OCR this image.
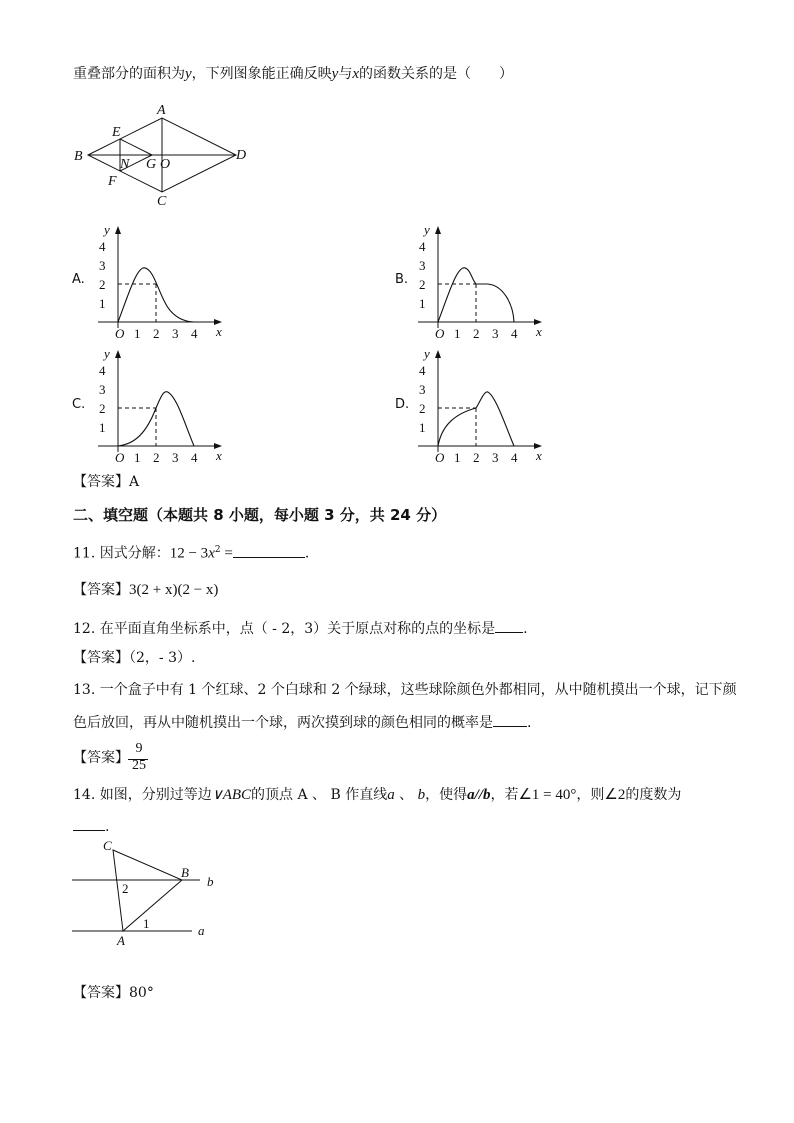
重叠部分的面积为y，下列图象能正确反映y与x的函数关系的是（　　）
A
B
C
D
E
F
N G O
A.	B.
C.	D.
1
2
3
4
1 2 3 4
O	x
y
1
2
3
4
1 2 3 4
O	x
y
1
2
3
4
1 2 3 4
O	x
y
1
2
3
4
1 2 3 4
O	x
y
【答案】A
二、填空题（本题共 8 小题，每小题 3 分，共 24 分）
11. 因式分解：$12 - 3x^2$ =	.
【答案】3(2 + x)(2 − x)
12. 在平面直角坐标系中，点（ - 2，3）关于原点对称的点的坐标是 .
【答案】（2，- 3）.
13. 一个盒子中有 1 个红球、2 个白球和 2 个绿球，这些球除颜色外都相同，从中随机摸出一个球，记下颜
色后放回，再从中随机摸出一个球，两次摸到球的颜色相同的概率是 .
【答案】
9
25
14. 如图，分别过等边∨ABC的顶点 A 、 B 作直线a 、 b，使得a//b，若∠1 = 40°，则∠2的度数为
.
C
B
b
2
A
1	a
【答案】80°
